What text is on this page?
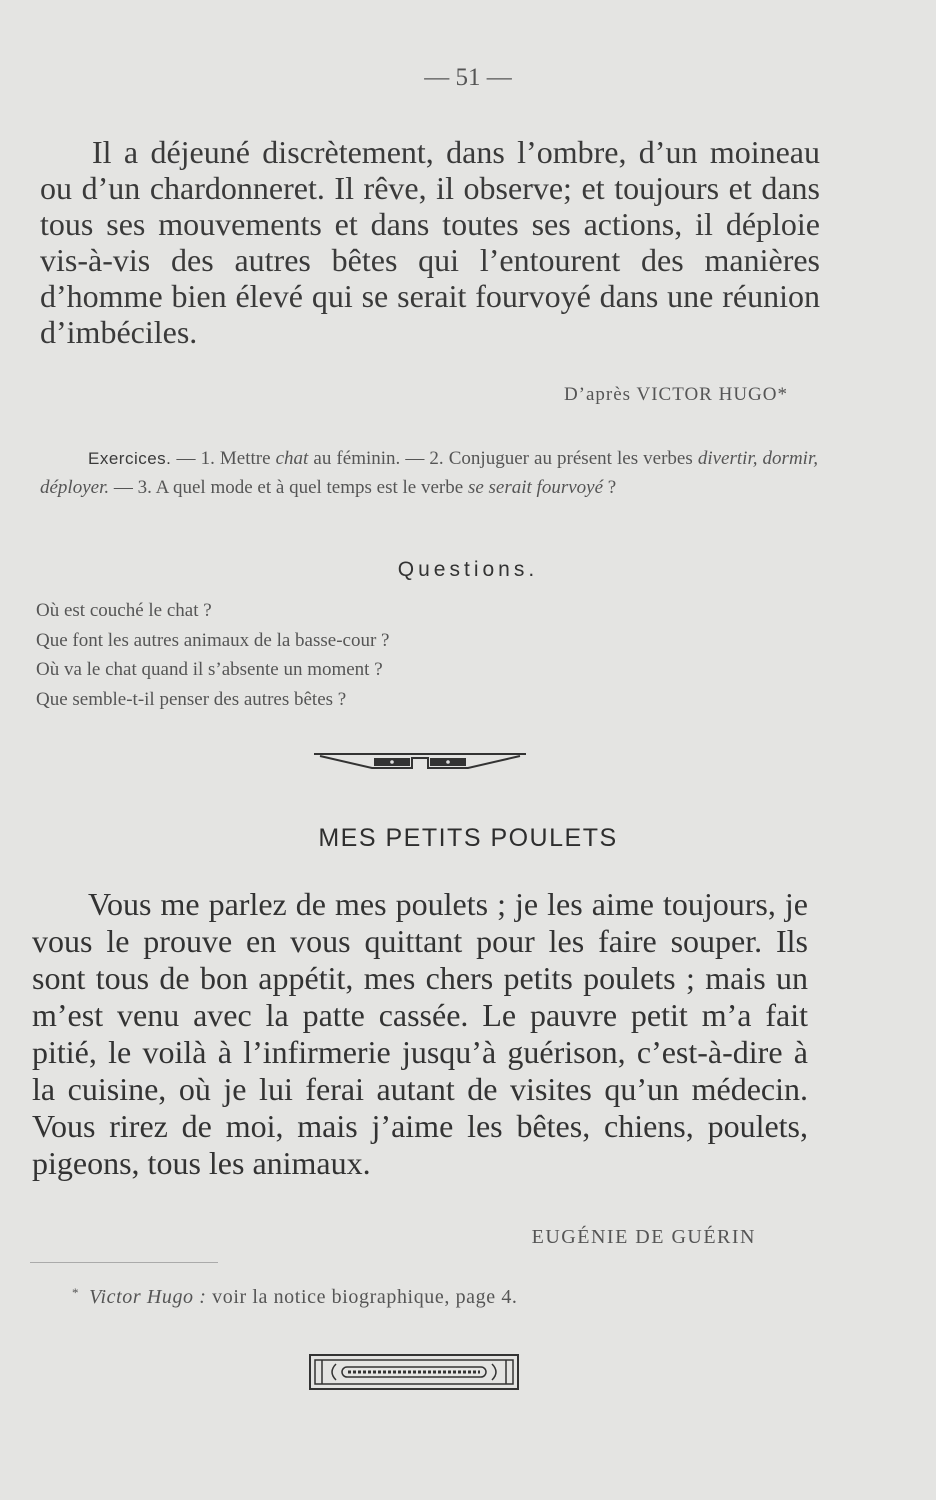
— 51 —

Il a déjeuné discrètement, dans l’ombre, d’un moineau ou d’un chardonneret. Il rêve, il observe; et toujours et dans tous ses mouvements et dans toutes ses actions, il déploie vis-à-vis des autres bêtes qui l’entourent des manières d’homme bien élevé qui se serait fourvoyé dans une réunion d’imbéciles.

D’après VICTOR HUGO*

Exercices. — 1. Mettre chat au féminin. — 2. Conjuguer au présent les verbes divertir, dormir, déployer. — 3. A quel mode et à quel temps est le verbe se serait fourvoyé ?

Questions.
Où est couché le chat ?
Que font les autres animaux de la basse-cour ?
Où va le chat quand il s’absente un moment ?
Que semble-t-il penser des autres bêtes ?
MES PETITS POULETS

Vous me parlez de mes poulets ; je les aime toujours, je vous le prouve en vous quittant pour les faire souper. Ils sont tous de bon appétit, mes chers petits poulets ; mais un m’est venu avec la patte cassée. Le pauvre petit m’a fait pitié, le voilà à l’infirmerie jusqu’à guérison, c’est-à-dire à la cuisine, où je lui ferai autant de visites qu’un médecin. Vous rirez de moi, mais j’aime les bêtes, chiens, poulets, pigeons, tous les animaux.

EUGÉNIE DE GUÉRIN
* Victor Hugo : voir la notice biographique, page 4.
